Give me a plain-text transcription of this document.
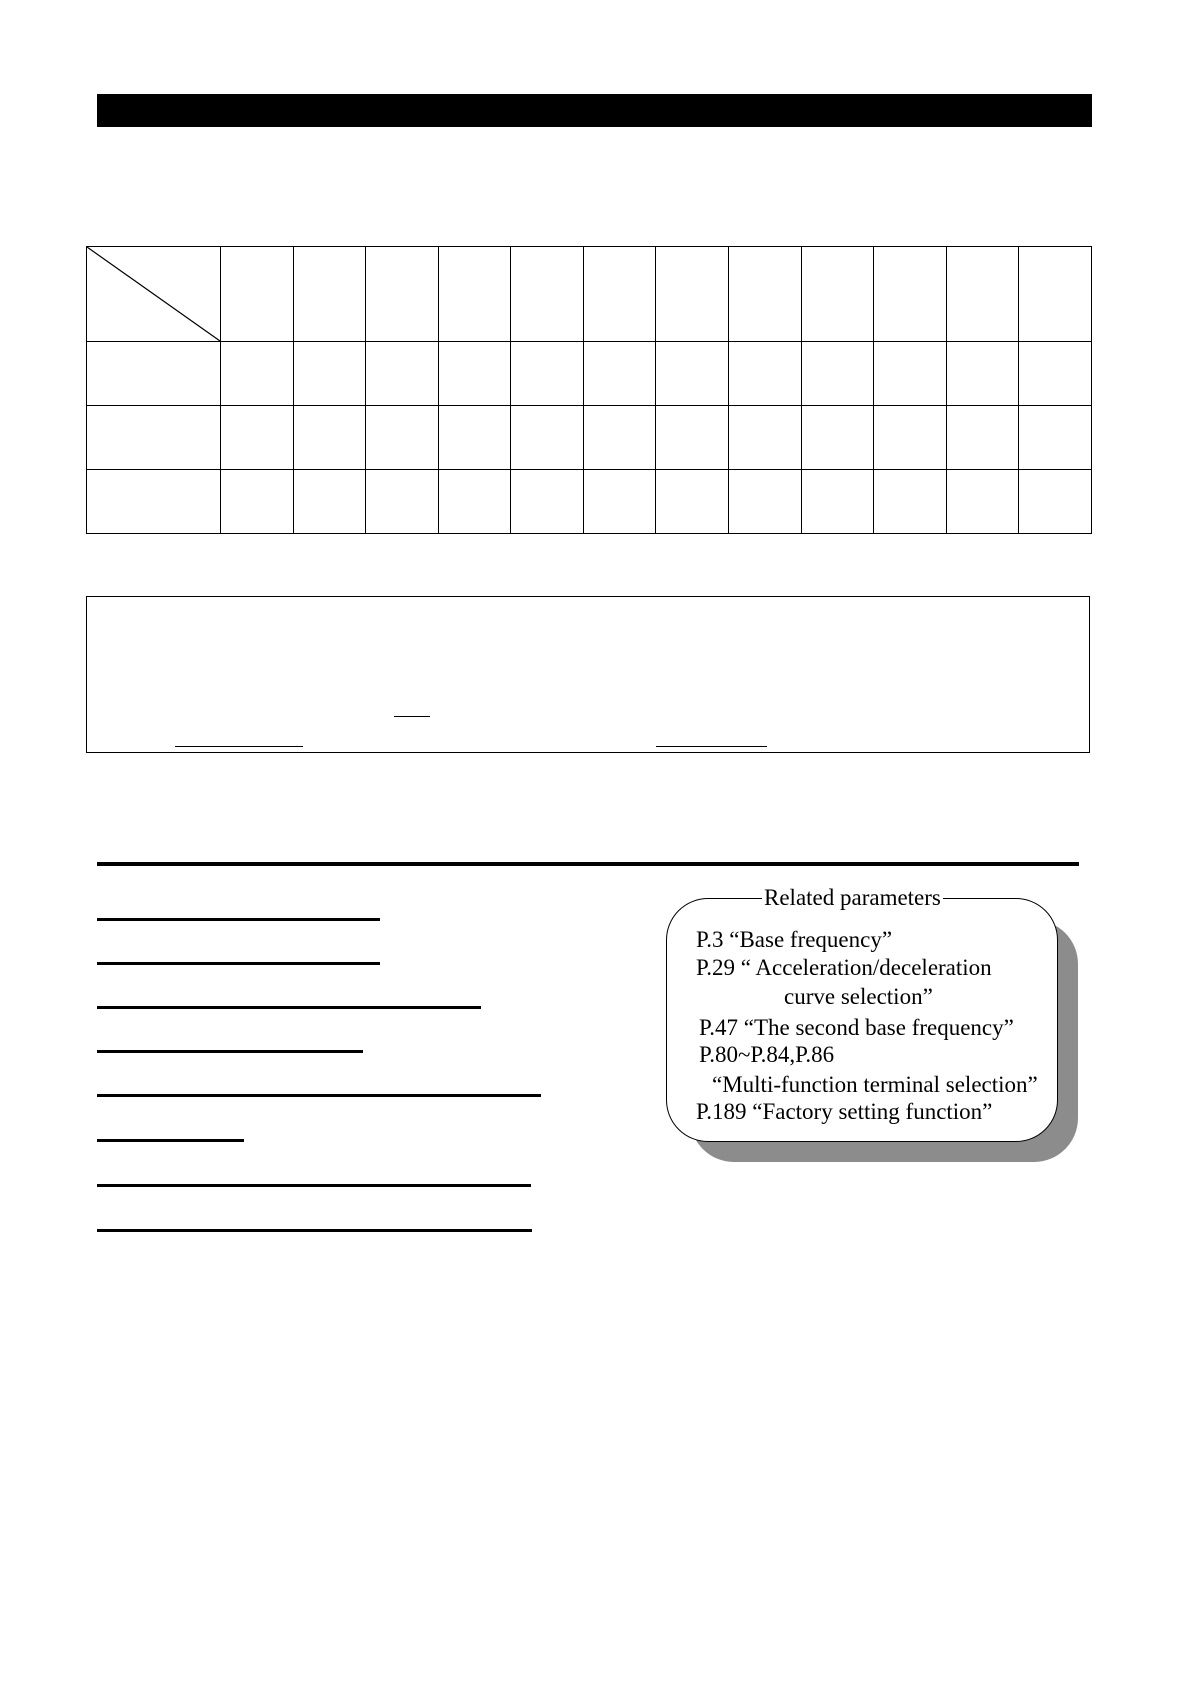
Related parameters
P.3 “Base frequency”
P.29 “ Acceleration/deceleration
curve selection”
P.47 “The second base frequency”
P.80~P.84,P.86
“Multi-function terminal selection”
P.189 “Factory setting function”
